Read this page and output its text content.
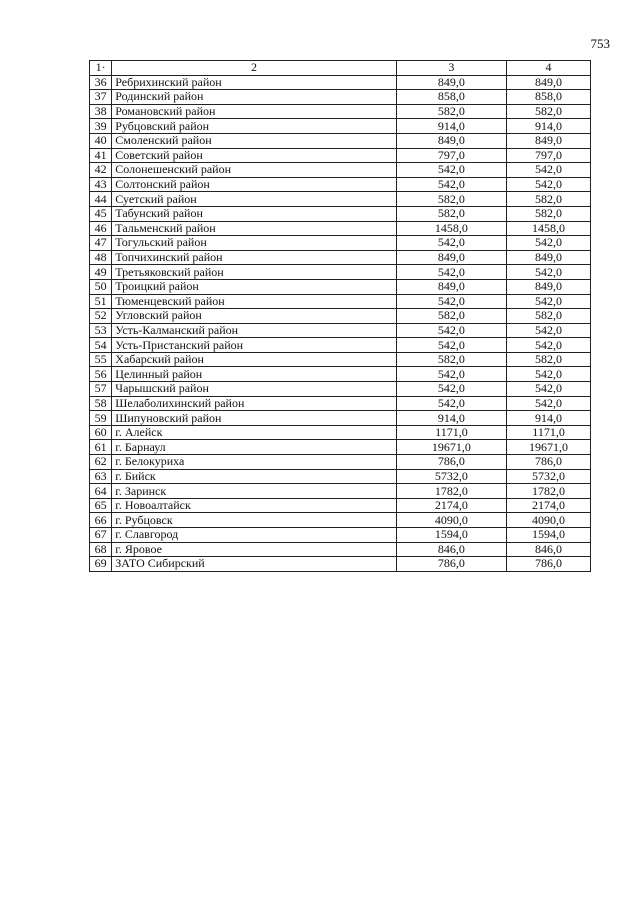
753
1·	2	3	4
36	Ребрихинский район	849,0	849,0
37	Родинский район	858,0	858,0
38	Романовский район	582,0	582,0
39	Рубцовский район	914,0	914,0
40	Смоленский район	849,0	849,0
41	Советский район	797,0	797,0
42	Солонешенский район	542,0	542,0
43	Солтонский район	542,0	542,0
44	Суетский район	582,0	582,0
45	Табунский район	582,0	582,0
46	Тальменский район	1458,0	1458,0
47	Тогульский район	542,0	542,0
48	Топчихинский район	849,0	849,0
49	Третьяковский район	542,0	542,0
50	Троицкий район	849,0	849,0
51	Тюменцевский район	542,0	542,0
52	Угловский район	582,0	582,0
53	Усть-Калманский район	542,0	542,0
54	Усть-Пристанский район	542,0	542,0
55	Хабарский район	582,0	582,0
56	Целинный район	542,0	542,0
57	Чарышский район	542,0	542,0
58	Шелаболихинский район	542,0	542,0
59	Шипуновский район	914,0	914,0
60	г. Алейск	1171,0	1171,0
61	г. Барнаул	19671,0	19671,0
62	г. Белокуриха	786,0	786,0
63	г. Бийск	5732,0	5732,0
64	г. Заринск	1782,0	1782,0
65	г. Новоалтайск	2174,0	2174,0
66	г. Рубцовск	4090,0	4090,0
67	г. Славгород	1594,0	1594,0
68	г. Яровое	846,0	846,0
69	ЗАТО Сибирский	786,0	786,0
